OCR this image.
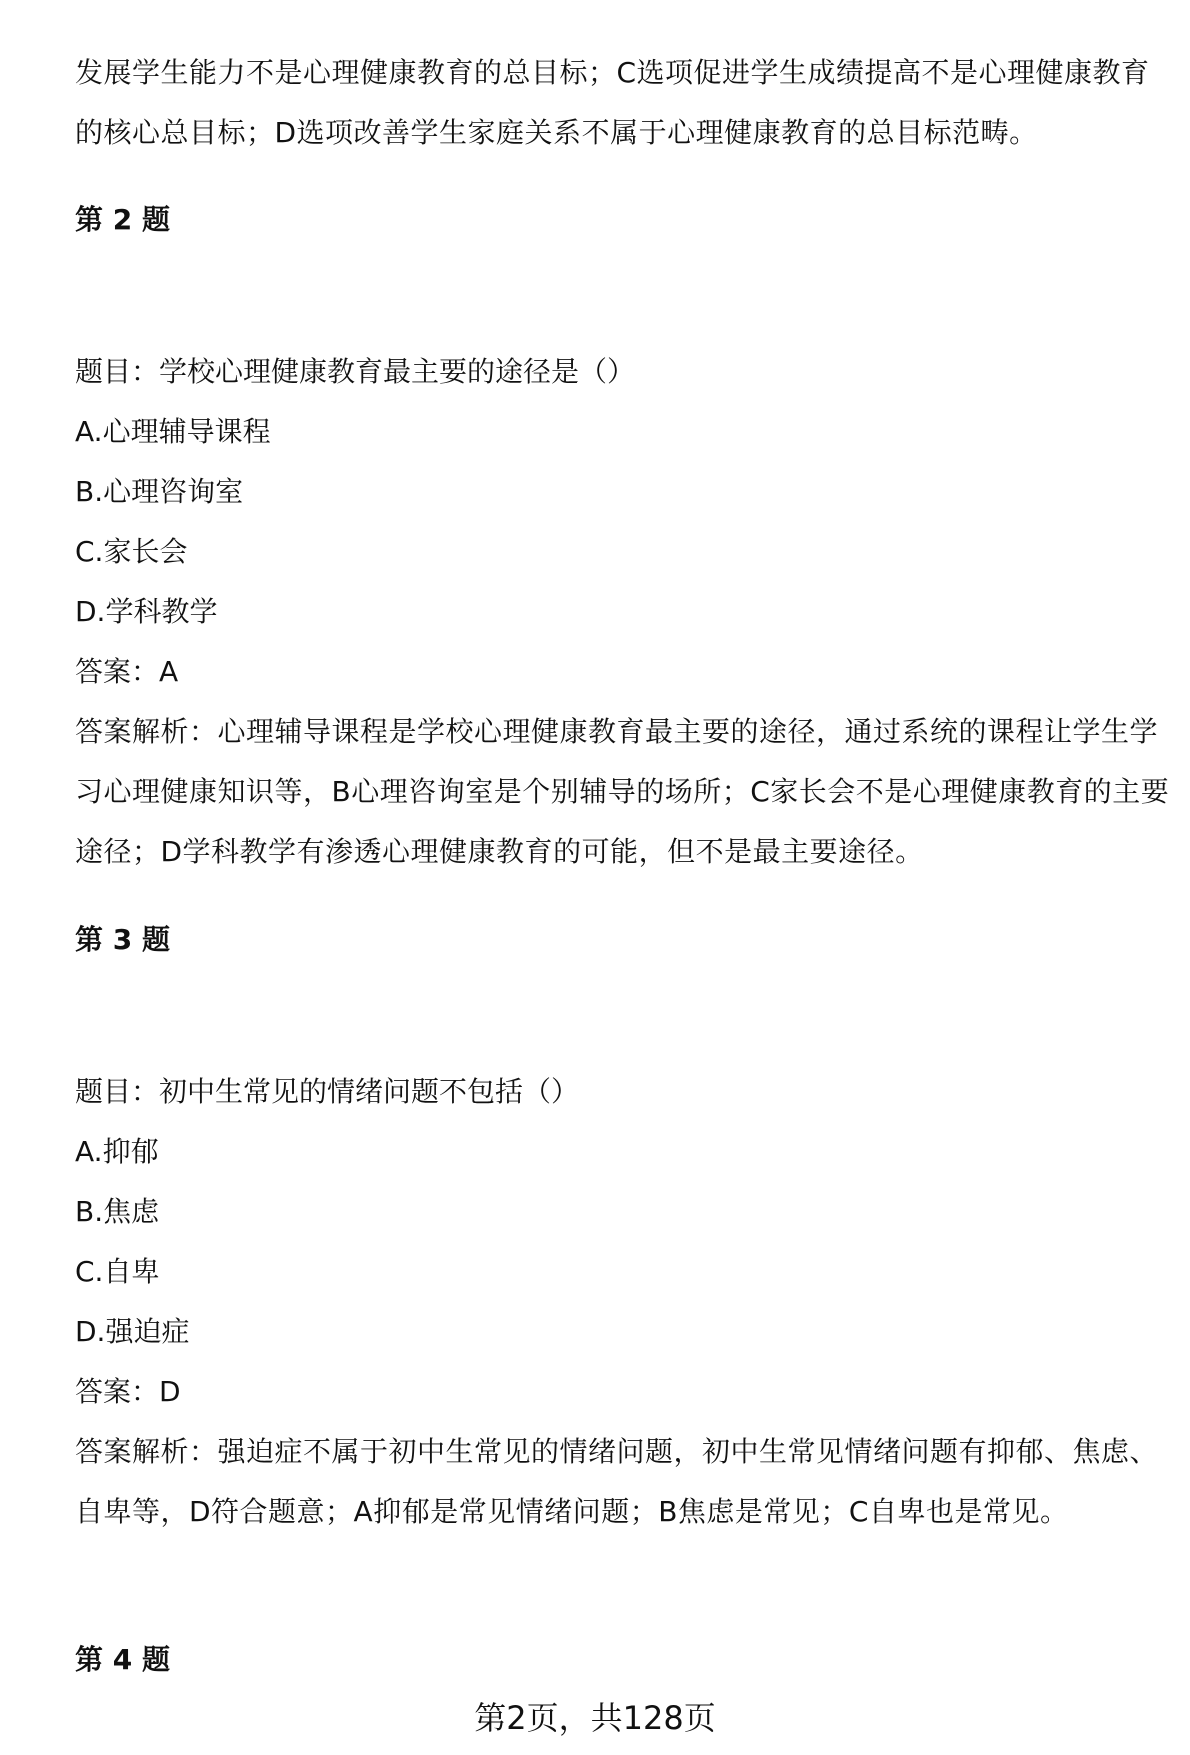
发展学生能力不是心理健康教育的总目标；C选项促进学生成绩提高不是心理健康教育的核心总目标；D选项改善学生家庭关系不属于心理健康教育的总目标范畴。
第 2 题
题目：学校心理健康教育最主要的途径是（）
A.心理辅导课程
B.心理咨询室
C.家长会
D.学科教学
答案：A
答案解析：心理辅导课程是学校心理健康教育最主要的途径，通过系统的课程让学生学习心理健康知识等，B心理咨询室是个别辅导的场所；C家长会不是心理健康教育的主要途径；D学科教学有渗透心理健康教育的可能，但不是最主要途径。
第 3 题
题目：初中生常见的情绪问题不包括（）
A.抑郁
B.焦虑
C.自卑
D.强迫症
答案：D
答案解析：强迫症不属于初中生常见的情绪问题，初中生常见情绪问题有抑郁、焦虑、自卑等，D符合题意；A抑郁是常见情绪问题；B焦虑是常见；C自卑也是常见。
第 4 题
第2页，共128页
